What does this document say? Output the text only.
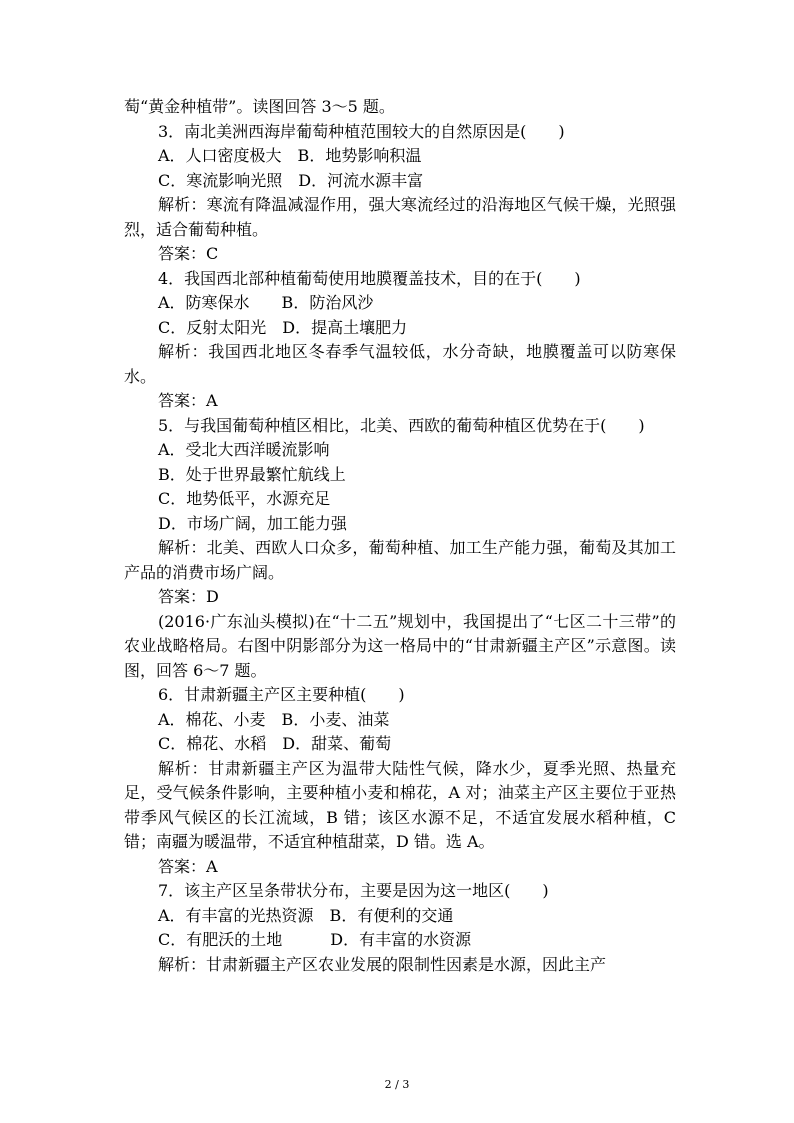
萄“黄金种植带”。读图回答 3～5 题。

3．南北美洲西海岸葡萄种植范围较大的自然原因是(　　)

A．人口密度极大　B．地势影响积温

C．寒流影响光照　D．河流水源丰富

解析：寒流有降温减湿作用，强大寒流经过的沿海地区气候干燥，光照强烈，适合葡萄种植。

答案：C

4．我国西北部种植葡萄使用地膜覆盖技术，目的在于(　　)

A．防寒保水　　B．防治风沙

C．反射太阳光　D．提高土壤肥力

解析：我国西北地区冬春季气温较低，水分奇缺，地膜覆盖可以防寒保水。

答案：A

5．与我国葡萄种植区相比，北美、西欧的葡萄种植区优势在于(　　)

A．受北大西洋暖流影响

B．处于世界最繁忙航线上

C．地势低平，水源充足

D．市场广阔，加工能力强

解析：北美、西欧人口众多，葡萄种植、加工生产能力强，葡萄及其加工产品的消费市场广阔。

答案：D

(2016·广东汕头模拟)在“十二五”规划中，我国提出了“七区二十三带”的农业战略格局。右图中阴影部分为这一格局中的“甘肃新疆主产区”示意图。读图，回答 6～7 题。

6．甘肃新疆主产区主要种植(　　)

A．棉花、小麦　B．小麦、油菜

C．棉花、水稻　D．甜菜、葡萄

解析：甘肃新疆主产区为温带大陆性气候，降水少，夏季光照、热量充足，受气候条件影响，主要种植小麦和棉花，A 对；油菜主产区主要位于亚热带季风气候区的长江流域，B 错；该区水源不足，不适宜发展水稻种植，C 错；南疆为暖温带，不适宜种植甜菜，D 错。选 A。

答案：A

7．该主产区呈条带状分布，主要是因为这一地区(　　)

A．有丰富的光热资源　B．有便利的交通

C．有肥沃的土地　　　D．有丰富的水资源

解析：甘肃新疆主产区农业发展的限制性因素是水源，因此主产

2 / 3
